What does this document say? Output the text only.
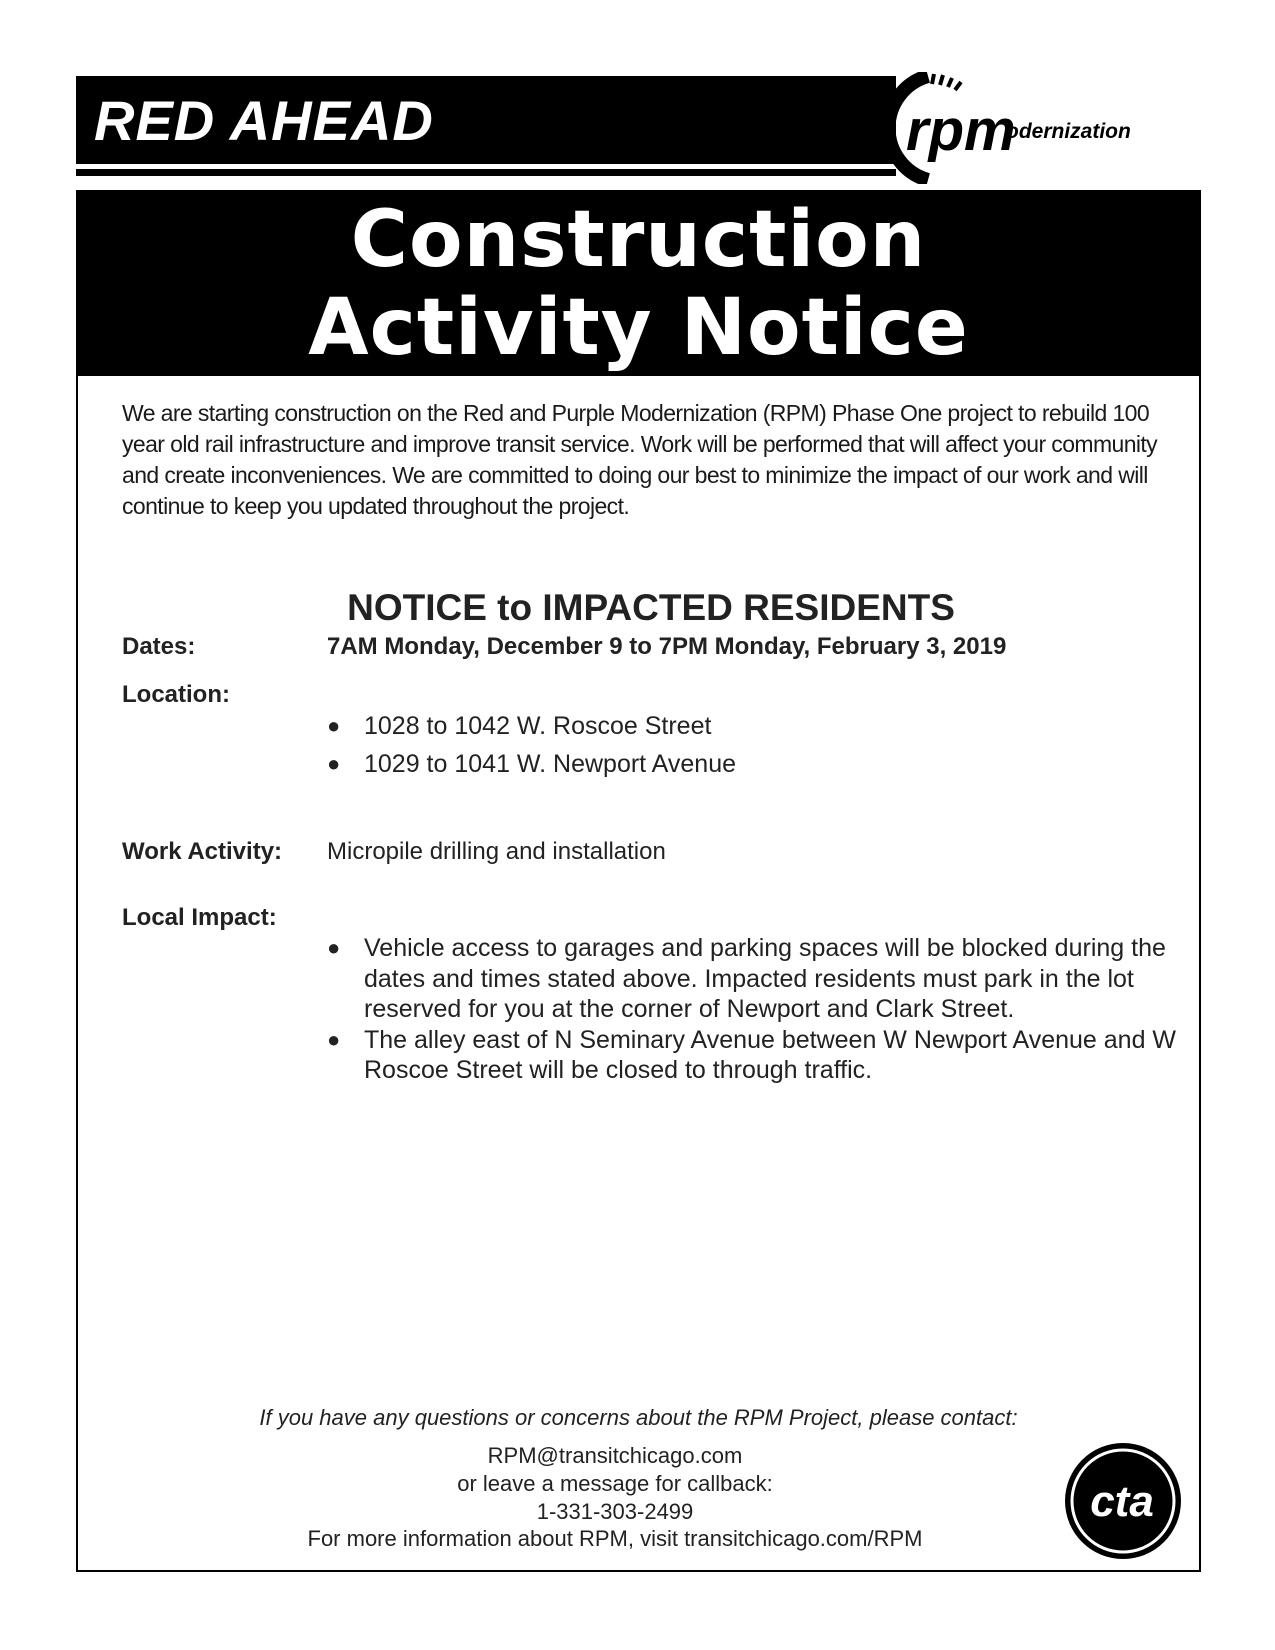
RED AHEAD	rpm
odernization
Construction
Activity Notice
We are starting construction on the Red and Purple Modernization (RPM) Phase One project to rebuild 100 year old rail infrastructure and improve transit service. Work will be performed that will affect your community and create inconveniences. We are committed to doing our best to minimize the impact of our work and will continue to keep you updated throughout the project.
NOTICE to IMPACTED RESIDENTS
Dates:	7AM Monday, December 9 to 7PM Monday, February 3, 2019
Location:
● 1028 to 1042 W. Roscoe Street
● 1029 to 1041 W. Newport Avenue
Work Activity: Micropile drilling and installation
Local Impact:
● Vehicle access to garages and parking spaces will be blocked during the dates and times stated above. Impacted residents must park in the lot reserved for you at the corner of Newport and Clark Street.
● The alley east of N Seminary Avenue between W Newport Avenue and W Roscoe Street will be closed to through traffic.
If you have any questions or concerns about the RPM Project, please contact:
RPM@transitchicago.com
or leave a message for callback:
1-331-303-2499
For more information about RPM, visit transitchicago.com/RPM
cta
